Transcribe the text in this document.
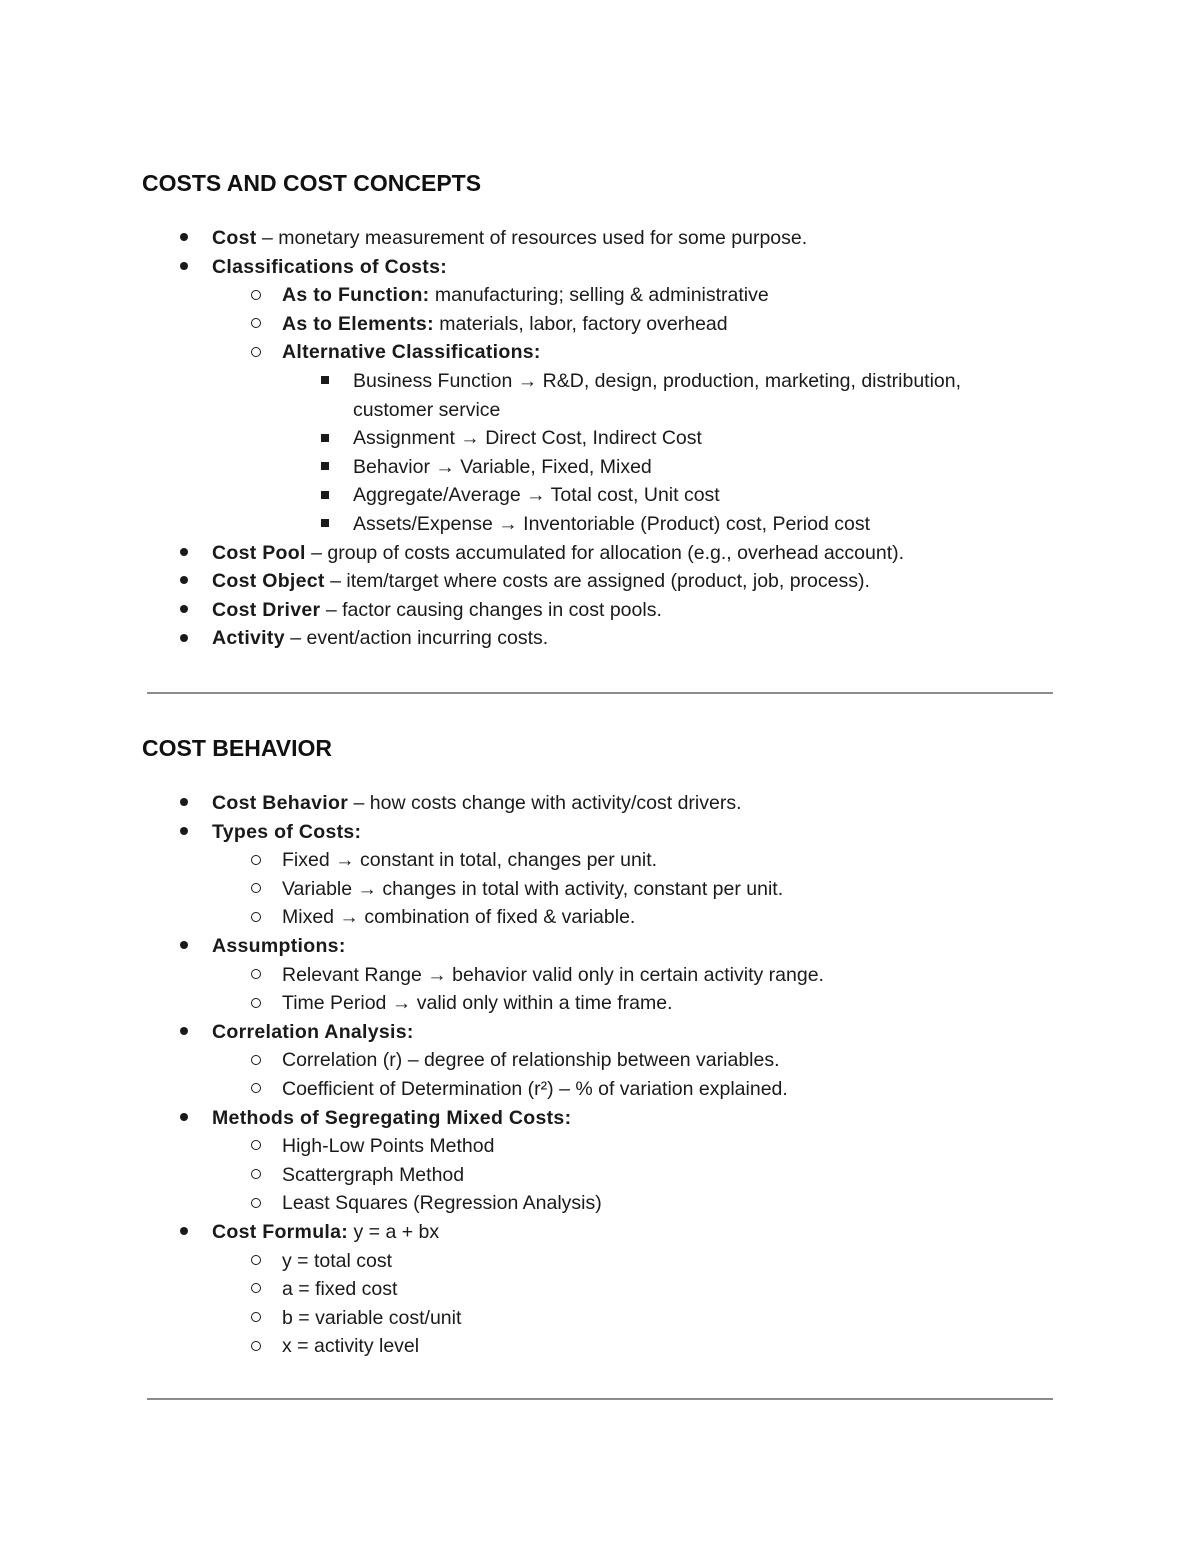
COSTS AND COST CONCEPTS
Cost – monetary measurement of resources used for some purpose.
Classifications of Costs:
As to Function: manufacturing; selling & administrative
As to Elements: materials, labor, factory overhead
Alternative Classifications:
Business Function → R&D, design, production, marketing, distribution, customer service
Assignment → Direct Cost, Indirect Cost
Behavior → Variable, Fixed, Mixed
Aggregate/Average → Total cost, Unit cost
Assets/Expense → Inventoriable (Product) cost, Period cost
Cost Pool – group of costs accumulated for allocation (e.g., overhead account).
Cost Object – item/target where costs are assigned (product, job, process).
Cost Driver – factor causing changes in cost pools.
Activity – event/action incurring costs.
COST BEHAVIOR
Cost Behavior – how costs change with activity/cost drivers.
Types of Costs:
Fixed → constant in total, changes per unit.
Variable → changes in total with activity, constant per unit.
Mixed → combination of fixed & variable.
Assumptions:
Relevant Range → behavior valid only in certain activity range.
Time Period → valid only within a time frame.
Correlation Analysis:
Correlation (r) – degree of relationship between variables.
Coefficient of Determination (r²) – % of variation explained.
Methods of Segregating Mixed Costs:
High-Low Points Method
Scattergraph Method
Least Squares (Regression Analysis)
Cost Formula: y = a + bx
y = total cost
a = fixed cost
b = variable cost/unit
x = activity level
